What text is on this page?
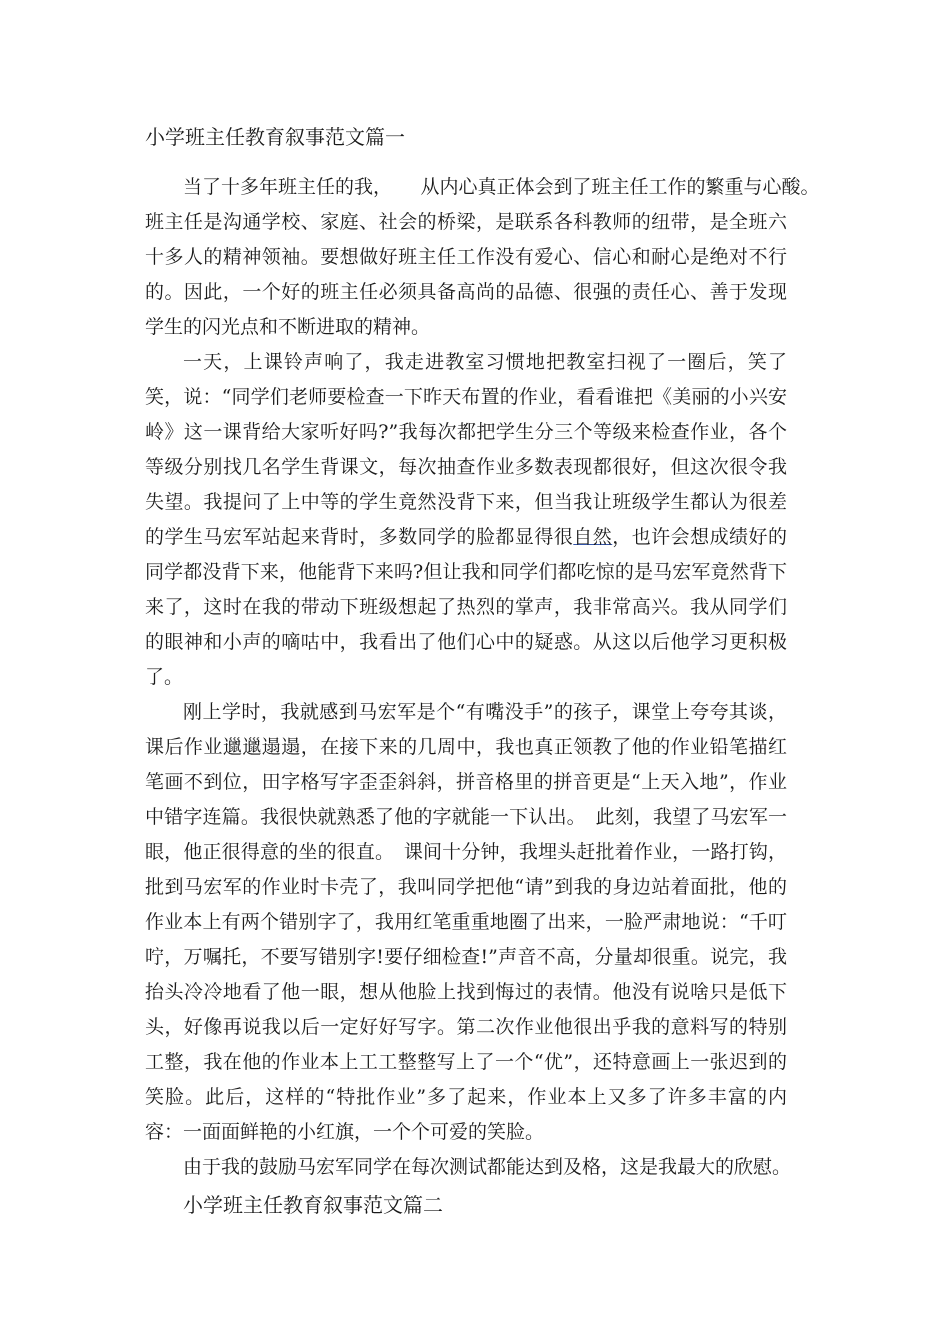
小学班主任教育叙事范文篇一

当了十多年班主任的我，　　从内心真正体会到了班主任工作的繁重与心酸。

班主任是沟通学校、家庭、社会的桥梁，是联系各科教师的纽带，是全班六十多人的精神领袖。要想做好班主任工作没有爱心、信心和耐心是绝对不行的。因此，一个好的班主任必须具备高尚的品德、很强的责任心、善于发现学生的闪光点和不断进取的精神。

一天，上课铃声响了，我走进教室习惯地把教室扫视了一圈后，笑了笑，说：“同学们老师要检查一下昨天布置的作业，看看谁把《美丽的小兴安岭》这一课背给大家听好吗?”我每次都把学生分三个等级来检查作业，各个等级分别找几名学生背课文，每次抽查作业多数表现都很好，但这次很令我失望。我提问了上中等的学生竟然没背下来，但当我让班级学生都认为很差的学生马宏军站起来背时，多数同学的脸都显得很自然，也许会想成绩好的同学都没背下来，他能背下来吗?但让我和同学们都吃惊的是马宏军竟然背下来了，这时在我的带动下班级想起了热烈的掌声，我非常高兴。我从同学们的眼神和小声的嘀咕中，我看出了他们心中的疑惑。从这以后他学习更积极了。

刚上学时，我就感到马宏军是个“有嘴没手”的孩子，课堂上夸夸其谈，课后作业邋邋遢遢，在接下来的几周中，我也真正领教了他的作业铅笔描红笔画不到位，田字格写字歪歪斜斜，拼音格里的拼音更是“上天入地”，作业中错字连篇。我很快就熟悉了他的字就能一下认出。　此刻，我望了马宏军一眼，他正很得意的坐的很直。　课间十分钟，我埋头赶批着作业，一路打钩，批到马宏军的作业时卡壳了，我叫同学把他“请”到我的身边站着面批，他的作业本上有两个错别字了，我用红笔重重地圈了出来，一脸严肃地说：“千叮咛，万嘱托，不要写错别字!要仔细检查!”声音不高，分量却很重。说完，我抬头冷冷地看了他一眼，想从他脸上找到悔过的表情。他没有说啥只是低下头，好像再说我以后一定好好写字。第二次作业他很出乎我的意料写的特别工整，我在他的作业本上工工整整写上了一个“优”，还特意画上一张迟到的笑脸。此后，这样的“特批作业”多了起来，作业本上又多了许多丰富的内容：一面面鲜艳的小红旗，一个个可爱的笑脸。

由于我的鼓励马宏军同学在每次测试都能达到及格，这是我最大的欣慰。

小学班主任教育叙事范文篇二
